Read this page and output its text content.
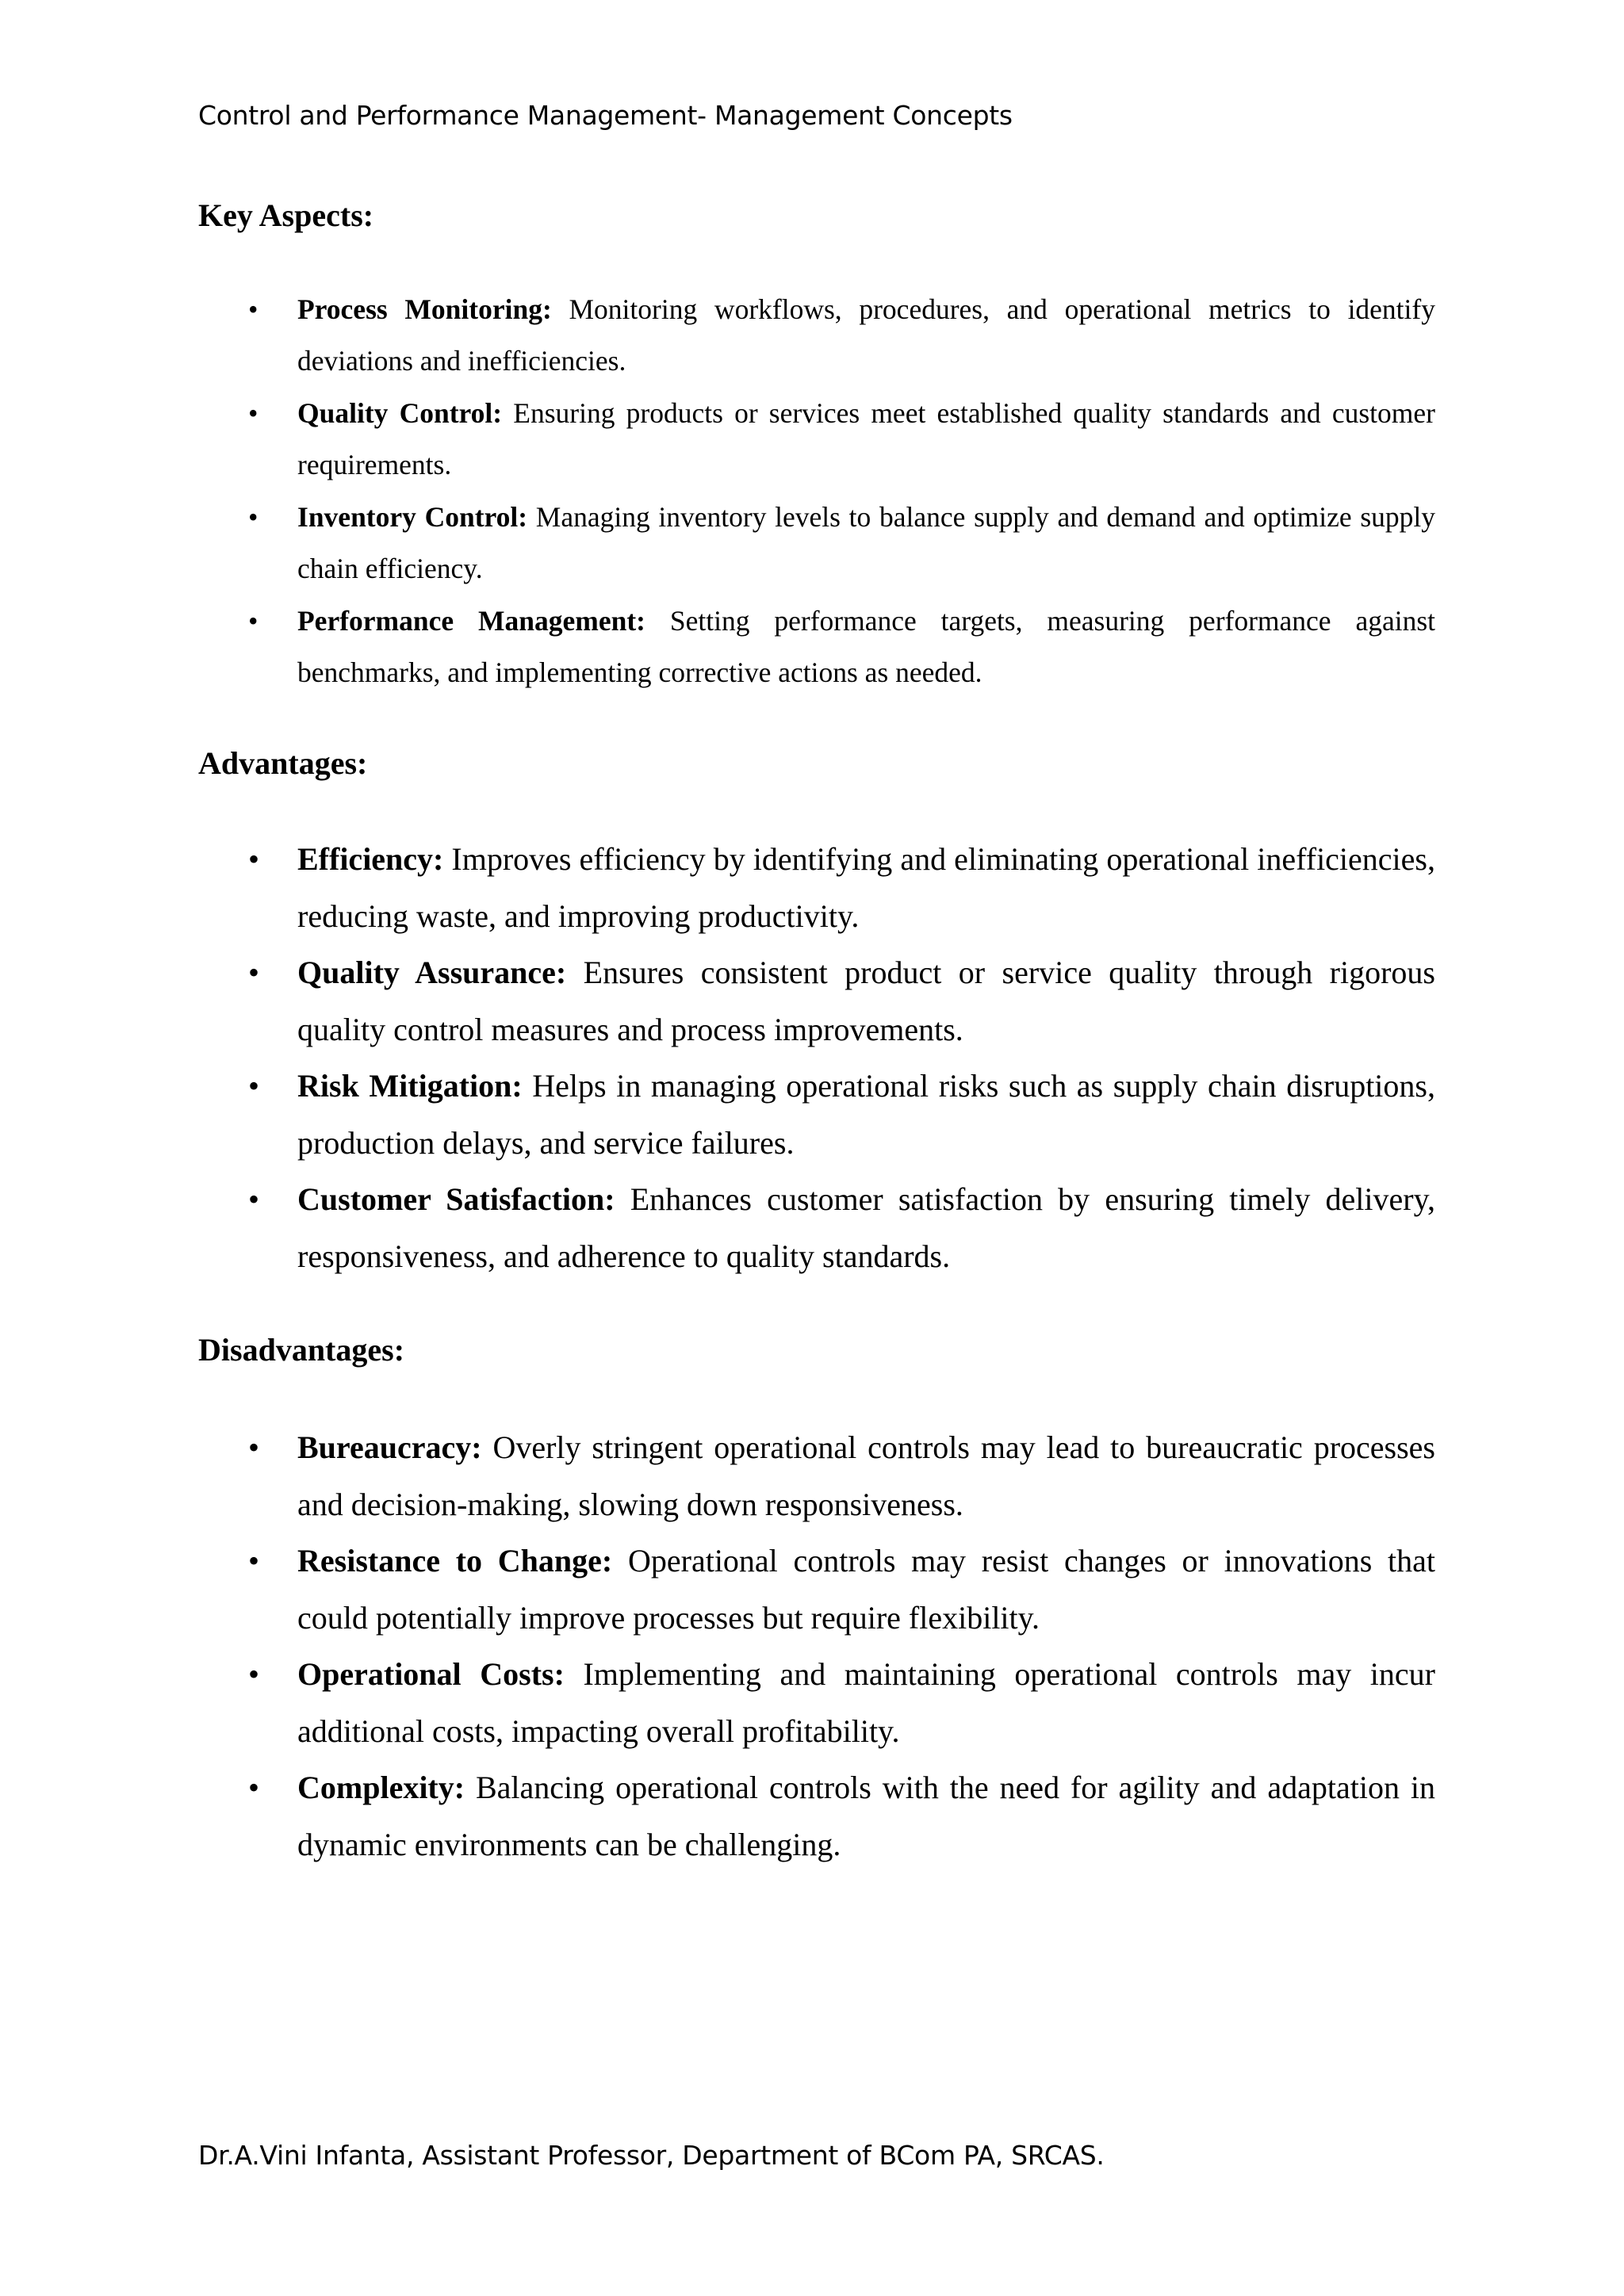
Control and Performance Management- Management Concepts
Key Aspects:
• Process Monitoring: Monitoring workflows, procedures, and operational metrics to identify deviations and inefficiencies.
• Quality Control: Ensuring products or services meet established quality standards and customer requirements.
• Inventory Control: Managing inventory levels to balance supply and demand and optimize supply chain efficiency.
• Performance Management: Setting performance targets, measuring performance against benchmarks, and implementing corrective actions as needed.
Advantages:
• Efficiency: Improves efficiency by identifying and eliminating operational inefficiencies, reducing waste, and improving productivity.
• Quality Assurance: Ensures consistent product or service quality through rigorous quality control measures and process improvements.
• Risk Mitigation: Helps in managing operational risks such as supply chain disruptions, production delays, and service failures.
• Customer Satisfaction: Enhances customer satisfaction by ensuring timely delivery, responsiveness, and adherence to quality standards.
Disadvantages:
• Bureaucracy: Overly stringent operational controls may lead to bureaucratic processes and decision-making, slowing down responsiveness.
• Resistance to Change: Operational controls may resist changes or innovations that could potentially improve processes but require flexibility.
• Operational Costs: Implementing and maintaining operational controls may incur additional costs, impacting overall profitability.
• Complexity: Balancing operational controls with the need for agility and adaptation in dynamic environments can be challenging.
Dr.A.Vini Infanta, Assistant Professor, Department of BCom PA, SRCAS.
